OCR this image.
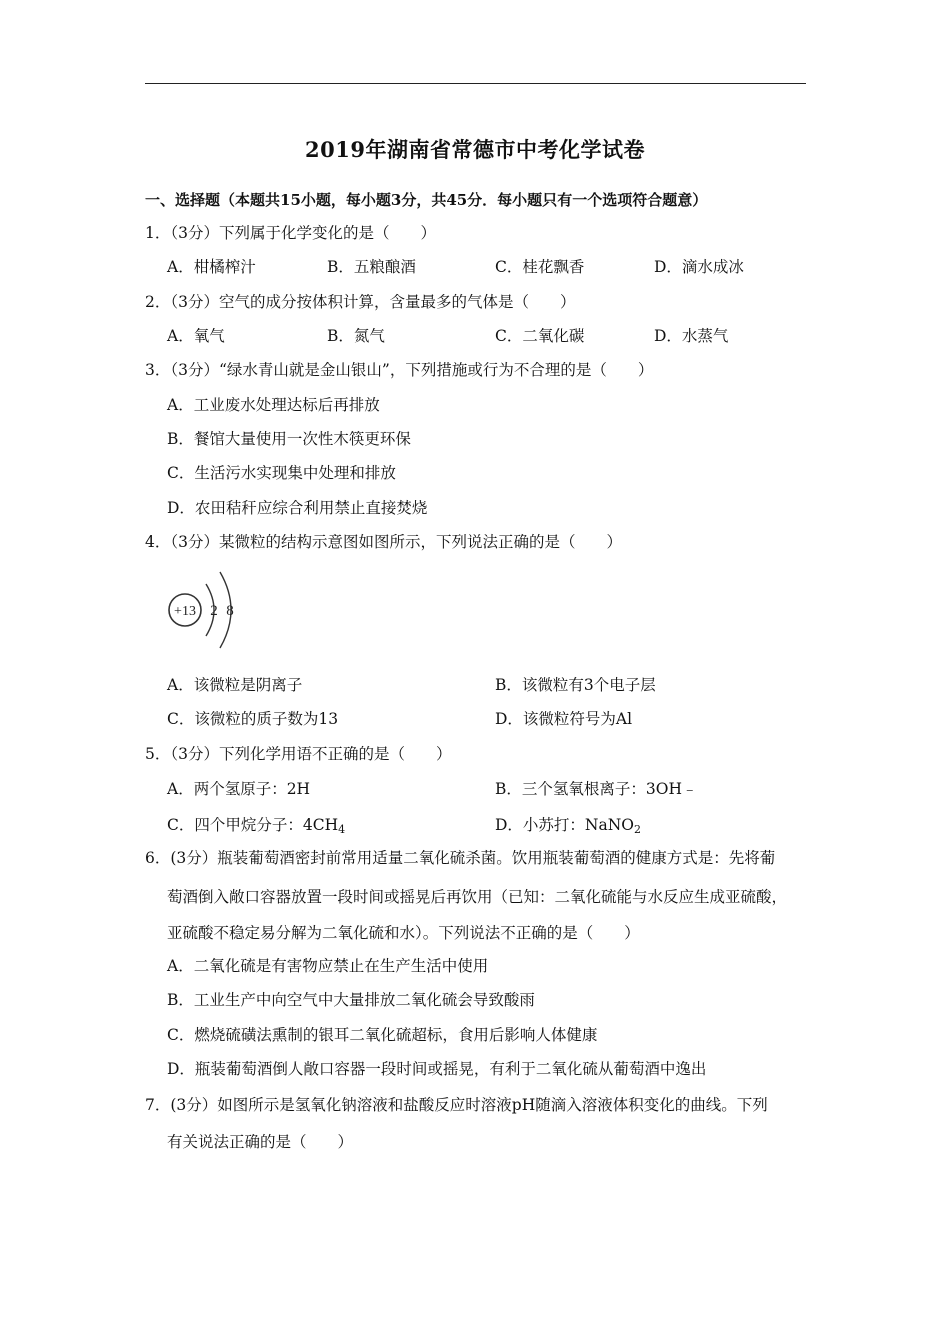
2019年湖南省常德市中考化学试卷
一、选择题（本题共15小题，每小题3分，共45分．每小题只有一个选项符合题意）
1．（3分）下列属于化学变化的是（　　）
A．柑橘榨汁	B．五粮酿酒	C．桂花飘香	D．滴水成冰
2．（3分）空气的成分按体积计算，含量最多的气体是（　　）
A．氧气	B．氮气	C．二氧化碳	D．水蒸气
3．（3分）“绿水青山就是金山银山”，下列措施或行为不合理的是（　　）
A．工业废水处理达标后再排放
B．餐馆大量使用一次性木筷更环保
C．生活污水实现集中处理和排放
D．农田秸秆应综合利用禁止直接焚烧
4．（3分）某微粒的结构示意图如图所示，下列说法正确的是（　　）
+13 2 8
A．该微粒是阴离子	B．该微粒有3个电子层
C．该微粒的质子数为13	D．该微粒符号为Al
5．（3分）下列化学用语不正确的是（　　）
A．两个氢原子：2H	B．三个氢氧根离子：3OH﹣
C．四个甲烷分子：$4CH_4$	D．小苏打：NaNO$_2$
6．(3分）瓶装葡萄酒密封前常用适量二氧化硫杀菌。饮用瓶装葡萄酒的健康方式是：先将葡
萄酒倒入敞口容器放置一段时间或摇晃后再饮用（已知：二氧化硫能与水反应生成亚硫酸，
亚硫酸不稳定易分解为二氧化硫和水）。下列说法不正确的是（　　）
A．二氧化硫是有害物应禁止在生产生活中使用
B．工业生产中向空气中大量排放二氧化硫会导致酸雨
C．燃烧硫磺法熏制的银耳二氧化硫超标，食用后影响人体健康
D．瓶装葡萄酒倒人敞口容器一段时间或摇晃，有利于二氧化硫从葡萄酒中逸出
7．(3分）如图所示是氢氧化钠溶液和盐酸反应时溶液pH随滴入溶液体积变化的曲线。下列
有关说法正确的是（　　）
